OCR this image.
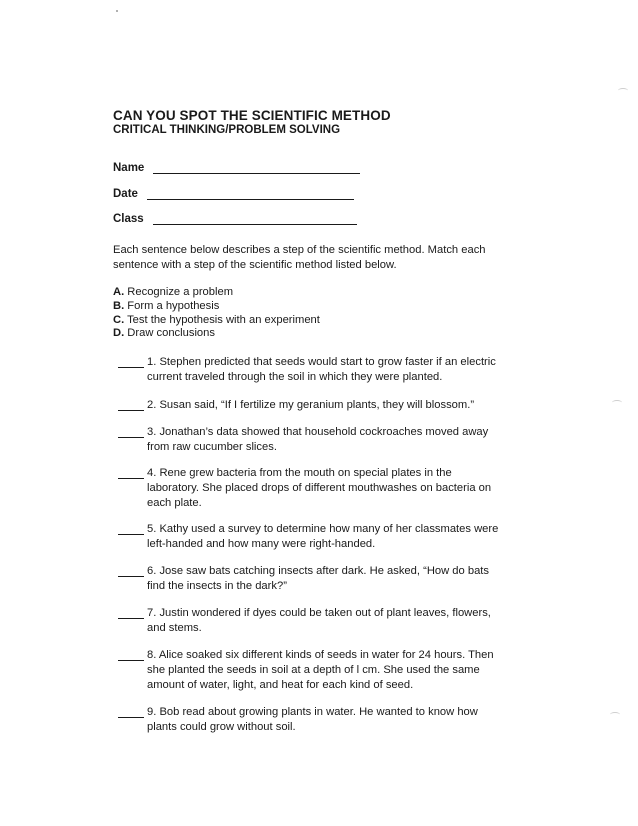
CAN YOU SPOT THE SCIENTIFIC METHOD
CRITICAL THINKING/PROBLEM SOLVING
Name
Date
Class
Each sentence below describes a step of the scientific method. Match each sentence with a step of the scientific method listed below.
A. Recognize a problem
B. Form a hypothesis
C. Test the hypothesis with an experiment
D. Draw conclusions
1. Stephen predicted that seeds would start to grow faster if an electric
current traveled through the soil in which they were planted.
2. Susan said, “If I fertilize my geranium plants, they will blossom.”
3. Jonathan’s data showed that household cockroaches moved away
from raw cucumber slices.
4. Rene grew bacteria from the mouth on special plates in the
laboratory. She placed drops of different mouthwashes on bacteria on
each plate.
5. Kathy used a survey to determine how many of her classmates were
left-handed and how many were right-handed.
6. Jose saw bats catching insects after dark. He asked, “How do bats
find the insects in the dark?”
7. Justin wondered if dyes could be taken out of plant leaves, flowers,
and stems.
8. Alice soaked six different kinds of seeds in water for 24 hours. Then
she planted the seeds in soil at a depth of l cm. She used the same
amount of water, light, and heat for each kind of seed.
9. Bob read about growing plants in water. He wanted to know how
plants could grow without soil.
